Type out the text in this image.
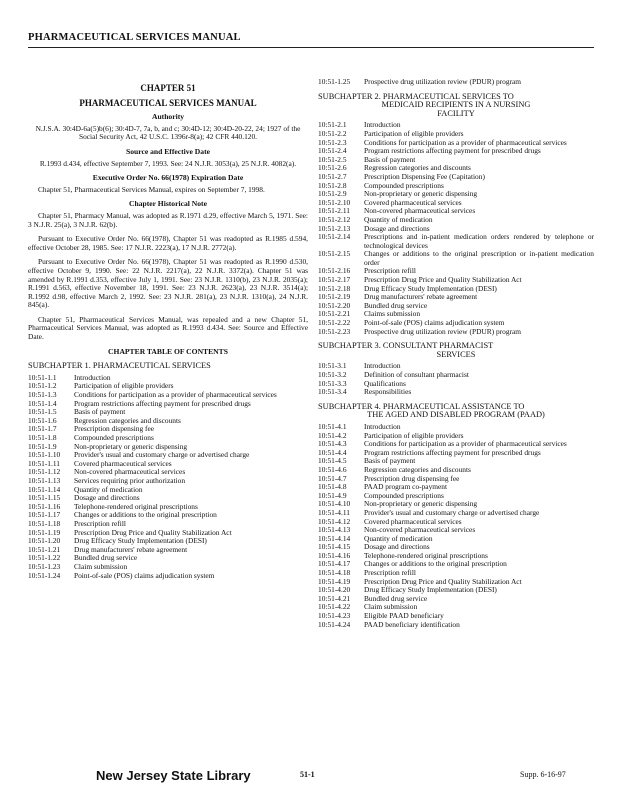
PHARMACEUTICAL SERVICES MANUAL
CHAPTER 51
PHARMACEUTICAL SERVICES MANUAL
Authority
N.J.S.A. 30:4D-6a(5)b(6); 30:4D-7, 7a, b, and c; 30:4D-12; 30:4D-20-22, 24; 1927 of the Social Security Act, 42 U.S.C. 1396r-8(a); 42 CFR 440.120.
Source and Effective Date
R.1993 d.434, effective September 7, 1993. See: 24 N.J.R. 3053(a), 25 N.J.R. 4082(a).
Executive Order No. 66(1978) Expiration Date
Chapter 51, Pharmaceutical Services Manual, expires on September 7, 1998.
Chapter Historical Note
Chapter 51, Pharmacy Manual, was adopted as R.1971 d.29, effective March 5, 1971. See: 3 N.J.R. 25(a), 3 N.J.R. 62(b).
Pursuant to Executive Order No. 66(1978), Chapter 51 was readopted as R.1985 d.594, effective October 28, 1985. See: 17 N.J.R. 2223(a), 17 N.J.R. 2772(a).
Pursuant to Executive Order No. 66(1978), Chapter 51 was readopted as R.1990 d.530, effective October 9, 1990. See: 22 N.J.R. 2217(a), 22 N.J.R. 3372(a). Chapter 51 was amended by R.1991 d.353, effective July 1, 1991. See: 23 N.J.R. 1310(b), 23 N.J.R. 2035(a); R.1991 d.563, effective November 18, 1991. See: 23 N.J.R. 2623(a), 23 N.J.R. 3514(a); R.1992 d.98, effective March 2, 1992. See: 23 N.J.R. 281(a), 23 N.J.R. 1310(a), 24 N.J.R. 845(a).
Chapter 51, Pharmaceutical Services Manual, was repealed and a new Chapter 51, Pharmaceutical Services Manual, was adopted as R.1993 d.434. See: Source and Effective Date.
CHAPTER TABLE OF CONTENTS
SUBCHAPTER 1. PHARMACEUTICAL SERVICES
10:51-1.1	Introduction
10:51-1.2	Participation of eligible providers
10:51-1.3	Conditions for participation as a provider of pharmaceutical services
10:51-1.4	Program restrictions affecting payment for prescribed drugs
10:51-1.5	Basis of payment
10:51-1.6	Regression categories and discounts
10:51-1.7	Prescription dispensing fee
10:51-1.8	Compounded prescriptions
10:51-1.9	Non-proprietary or generic dispensing
10:51-1.10	Provider's usual and customary charge or advertised charge
10:51-1.11	Covered pharmaceutical services
10:51-1.12	Non-covered pharmaceutical services
10:51-1.13	Services requiring prior authorization
10:51-1.14	Quantity of medication
10:51-1.15	Dosage and directions
10:51-1.16	Telephone-rendered original prescriptions
10:51-1.17	Changes or additions to the original prescription
10:51-1.18	Prescription refill
10:51-1.19	Prescription Drug Price and Quality Stabilization Act
10:51-1.20	Drug Efficacy Study Implementation (DESI)
10:51-1.21	Drug manufacturers' rebate agreement
10:51-1.22	Bundled drug service
10:51-1.23	Claim submission
10:51-1.24	Point-of-sale (POS) claims adjudication system
10:51-1.25	Prospective drug utilization review (PDUR) program
SUBCHAPTER 2. PHARMACEUTICAL SERVICES TO
MEDICAID RECIPIENTS IN A NURSING
FACILITY
10:51-2.1	Introduction
10:51-2.2	Participation of eligible providers
10:51-2.3	Conditions for participation as a provider of pharmaceutical services
10:51-2.4	Program restrictions affecting payment for prescribed drugs
10:51-2.5	Basis of payment
10:51-2.6	Regression categories and discounts
10:51-2.7	Prescription Dispensing Fee (Capitation)
10:51-2.8	Compounded prescriptions
10:51-2.9	Non-proprietary or generic dispensing
10:51-2.10	Covered pharmaceutical services
10:51-2.11	Non-covered pharmaceutical services
10:51-2.12	Quantity of medication
10:51-2.13	Dosage and directions
10:51-2.14	Prescriptions and in-patient medication orders rendered by telephone or technological devices
10:51-2.15	Changes or additions to the original prescription or in-patient medication order
10:51-2.16	Prescription refill
10:51-2.17	Prescription Drug Price and Quality Stabilization Act
10:51-2.18	Drug Efficacy Study Implementation (DESI)
10:51-2.19	Drug manufacturers' rebate agreement
10:51-2.20	Bundled drug service
10:51-2.21	Claims submission
10:51-2.22	Point-of-sale (POS) claims adjudication system
10:51-2.23	Prospective drug utilization review (PDUR) program
SUBCHAPTER 3. CONSULTANT PHARMACIST
SERVICES
10:51-3.1	Introduction
10:51-3.2	Definition of consultant pharmacist
10:51-3.3	Qualifications
10:51-3.4	Responsibilities
SUBCHAPTER 4. PHARMACEUTICAL ASSISTANCE TO
THE AGED AND DISABLED PROGRAM (PAAD)
10:51-4.1	Introduction
10:51-4.2	Participation of eligible providers
10:51-4.3	Conditions for participation as a provider of pharmaceutical services
10:51-4.4	Program restrictions affecting payment for prescribed drugs
10:51-4.5	Basis of payment
10:51-4.6	Regression categories and discounts
10:51-4.7	Prescription drug dispensing fee
10:51-4.8	PAAD program co-payment
10:51-4.9	Compounded prescriptions
10:51-4.10	Non-proprietary or generic dispensing
10:51-4.11	Provider's usual and customary charge or advertised charge
10:51-4.12	Covered pharmaceutical services
10:51-4.13	Non-covered pharmaceutical services
10:51-4.14	Quantity of medication
10:51-4.15	Dosage and directions
10:51-4.16	Telephone-rendered original prescriptions
10:51-4.17	Changes or additions to the original prescription
10:51-4.18	Prescription refill
10:51-4.19	Prescription Drug Price and Quality Stabilization Act
10:51-4.20	Drug Efficacy Study Implementation (DESI)
10:51-4.21	Bundled drug service
10:51-4.22	Claim submission
10:51-4.23	Eligible PAAD beneficiary
10:51-4.24	PAAD beneficiary identification
New Jersey State Library	51-1	Supp. 6-16-97
